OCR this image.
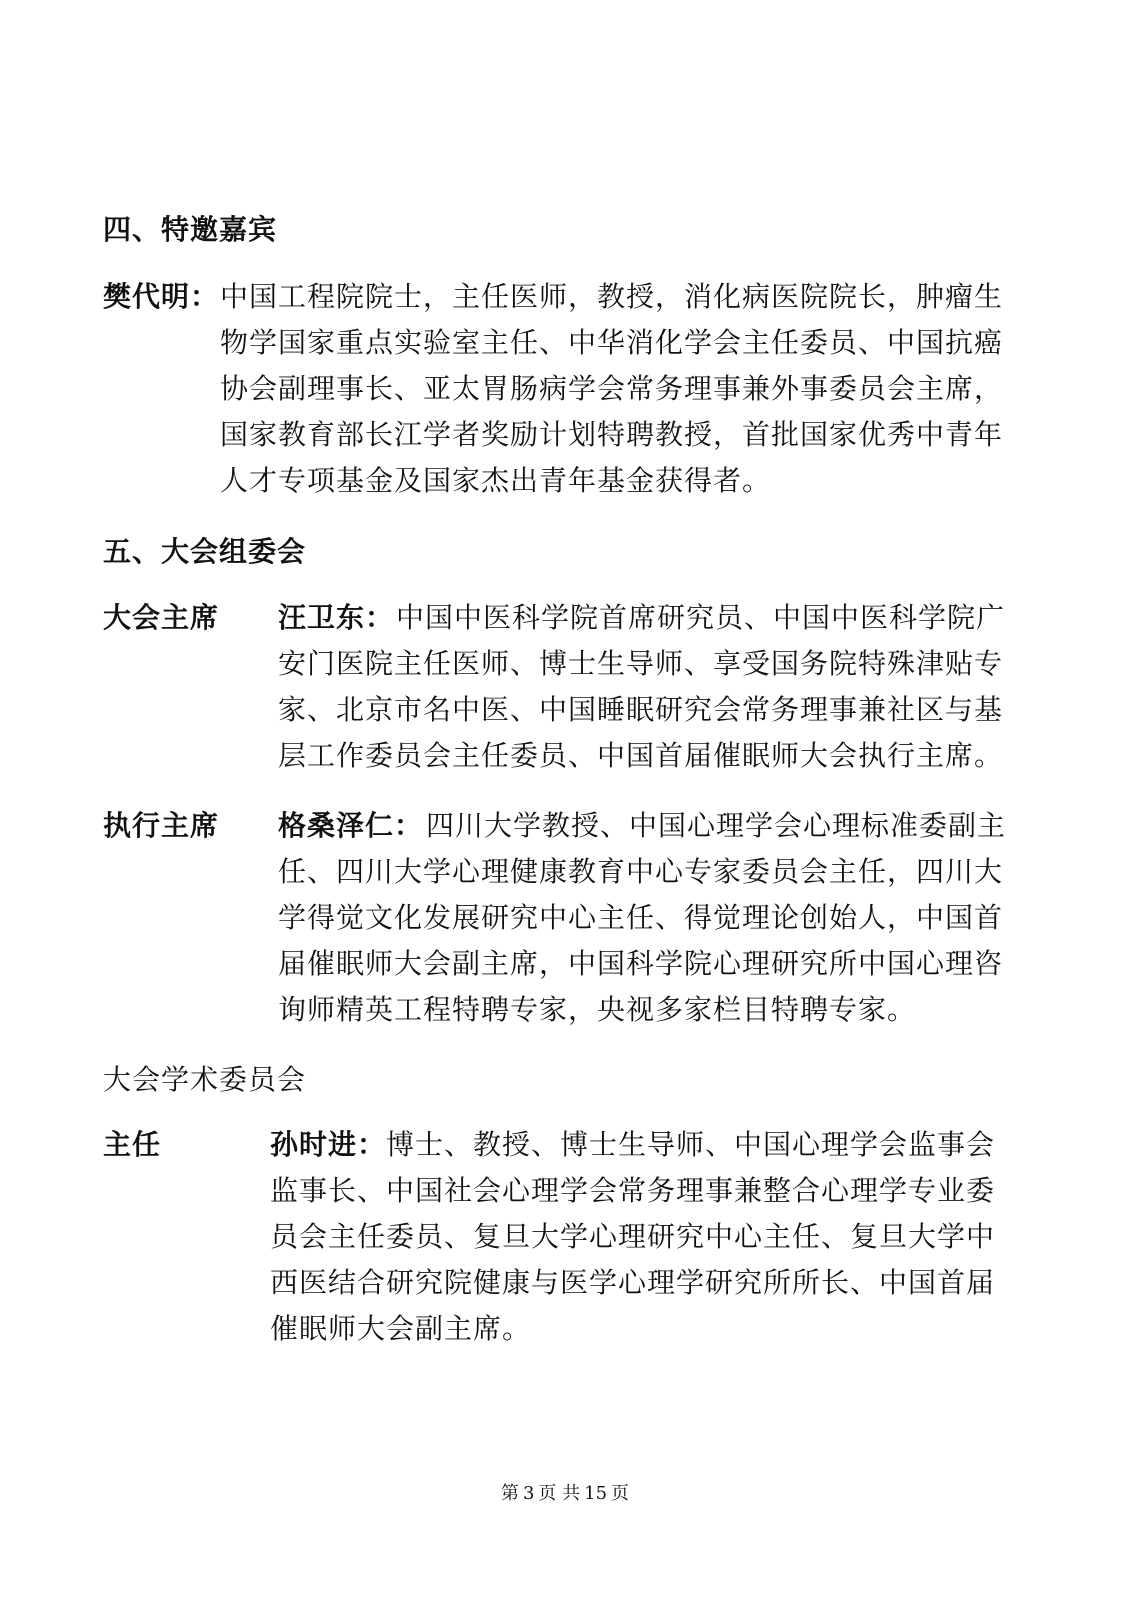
四、特邀嘉宾
樊代明： 中国工程院院士，主任医师，教授，消化病医院院长，肿瘤生
物学国家重点实验室主任、中华消化学会主任委员、中国抗癌
协会副理事长、亚太胃肠病学会常务理事兼外事委员会主席，
国家教育部长江学者奖励计划特聘教授，首批国家优秀中青年
人才专项基金及国家杰出青年基金获得者。
五、大会组委会
大会主席 汪卫东： 中国中医科学院首席研究员、中国中医科学院广
安门医院主任医师、博士生导师、享受国务院特殊津贴专
家、北京市名中医、中国睡眠研究会常务理事兼社区与基
层工作委员会主任委员、中国首届催眠师大会执行主席。
执行主席 格桑泽仁： 四川大学教授、中国心理学会心理标准委副主
任、四川大学心理健康教育中心专家委员会主任，四川大
学得觉文化发展研究中心主任、得觉理论创始人，中国首
届催眠师大会副主席，中国科学院心理研究所中国心理咨
询师精英工程特聘专家，央视多家栏目特聘专家。
大会学术委员会
主任	孙时进： 博士、教授、博士生导师、中国心理学会监事会
监事长、中国社会心理学会常务理事兼整合心理学专业委
员会主任委员、复旦大学心理研究中心主任、复旦大学中
西医结合研究院健康与医学心理学研究所所长、中国首届
催眠师大会副主席。
第 3 页 共 15 页
